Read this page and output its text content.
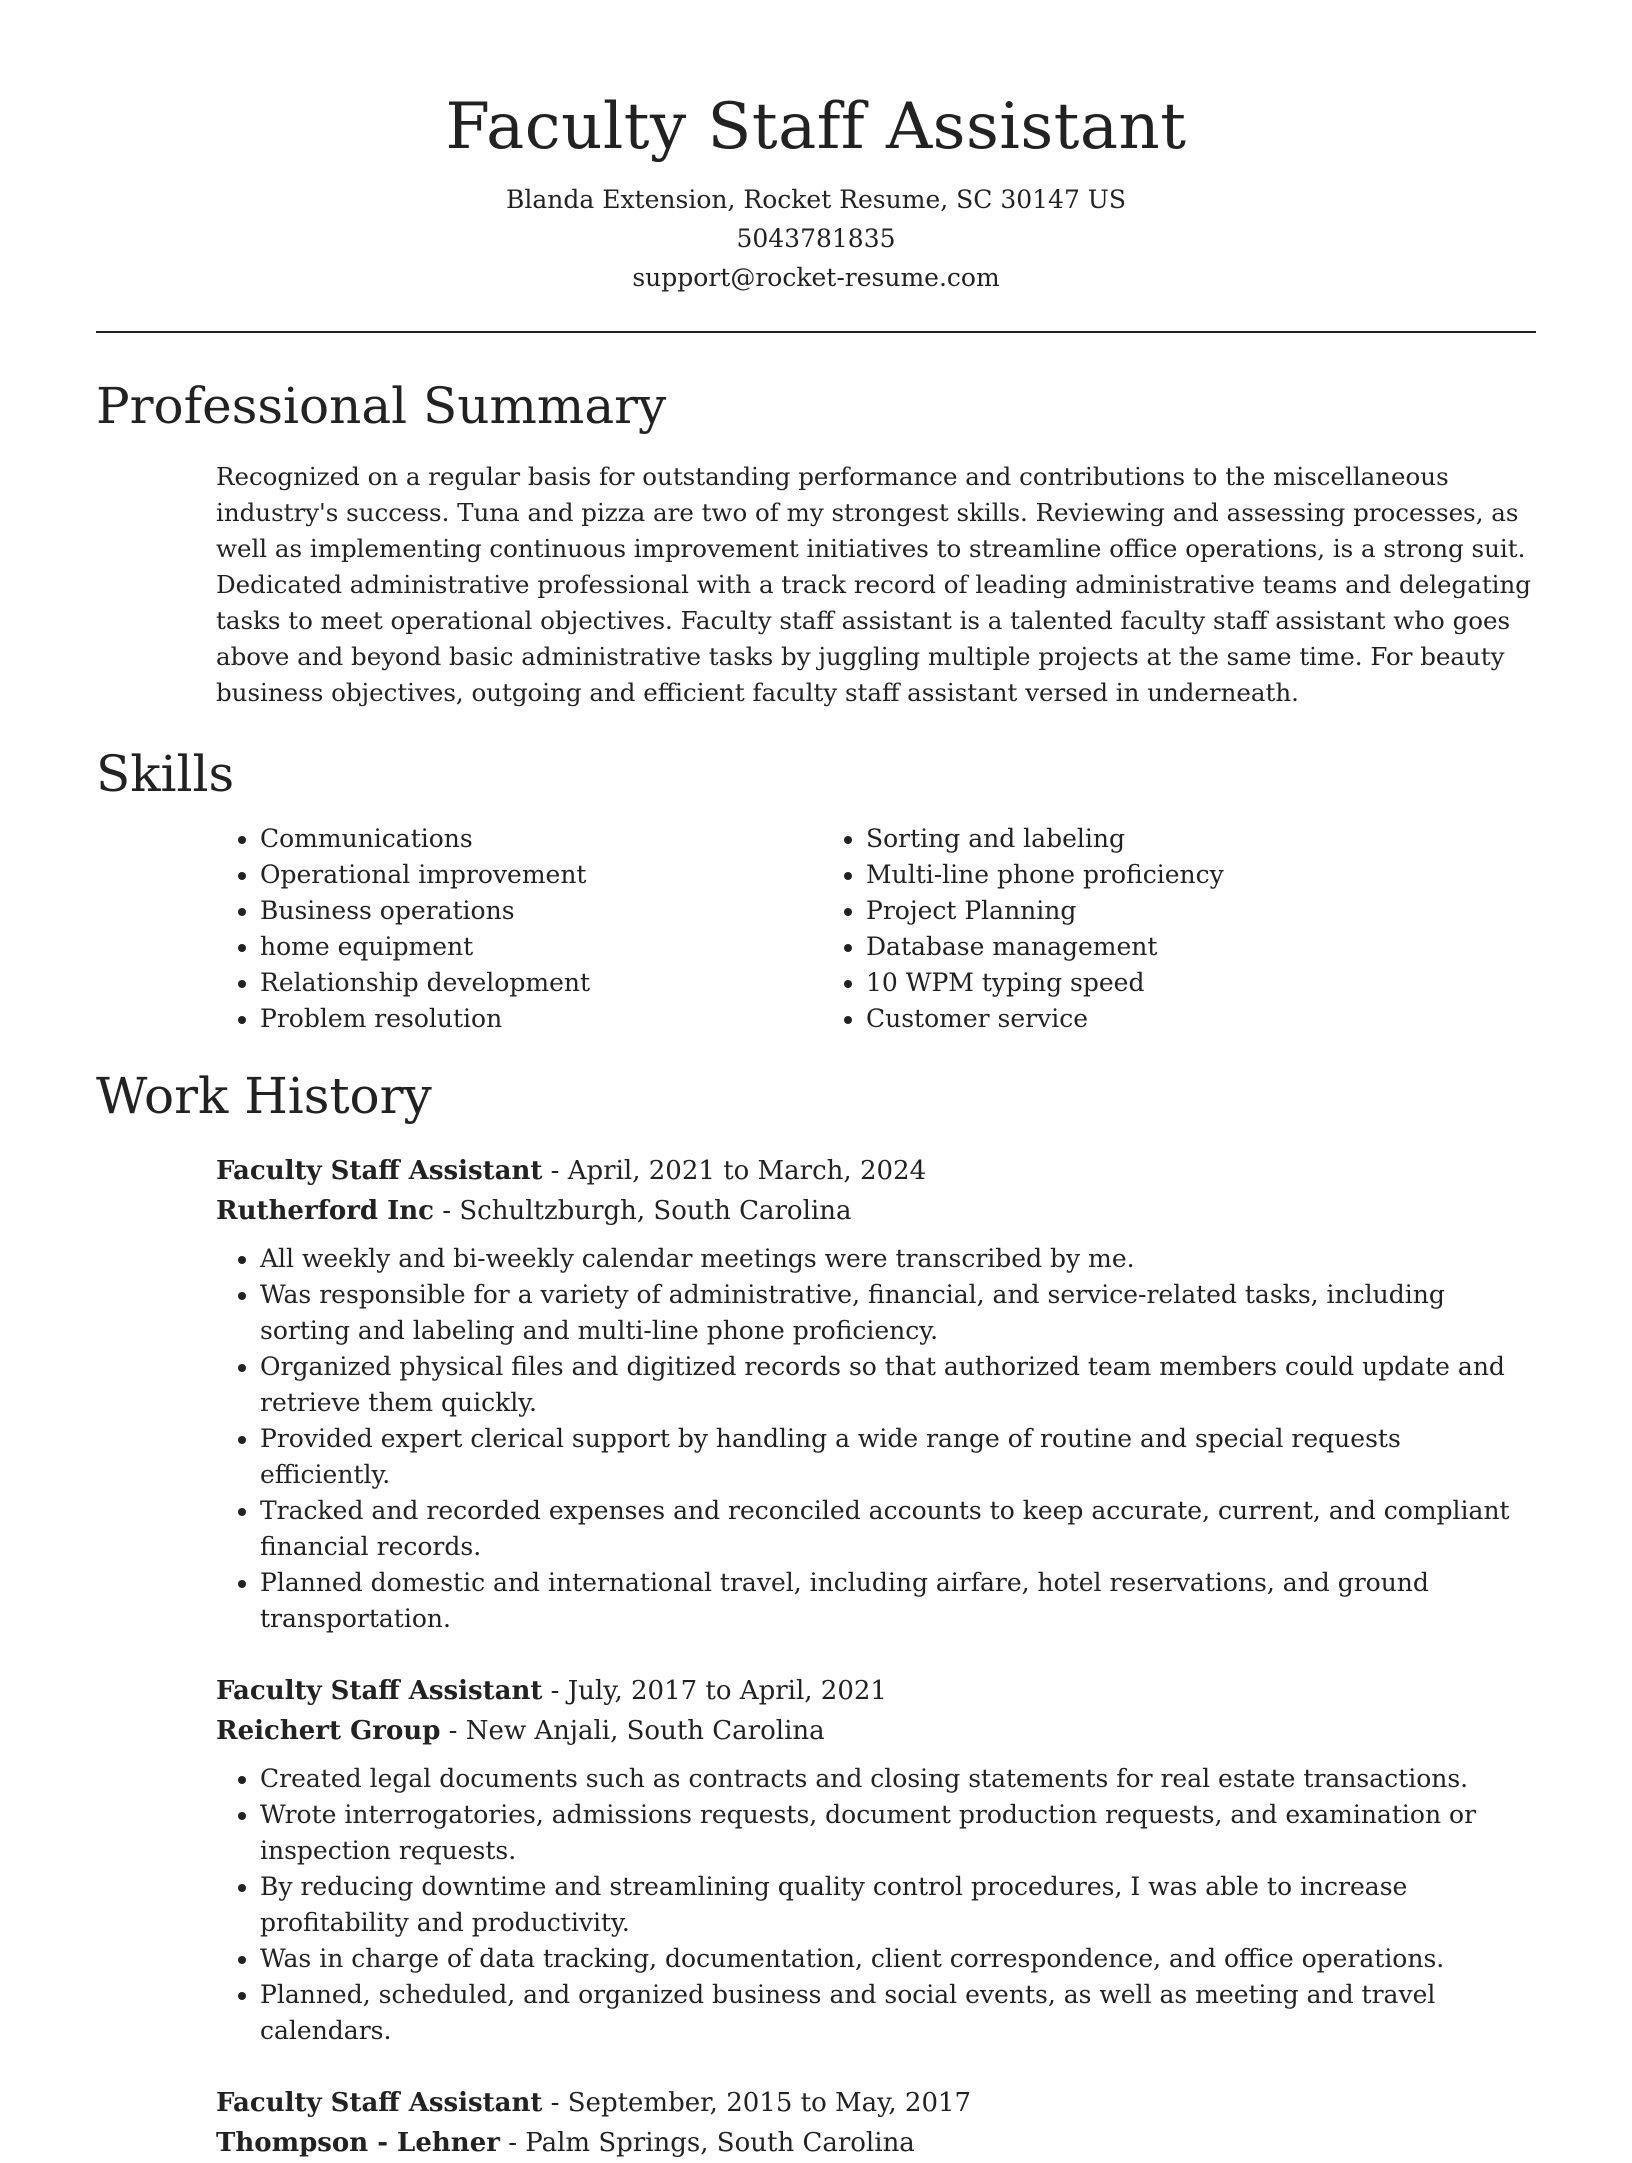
Faculty Staff Assistant
Blanda Extension, Rocket Resume, SC 30147 US
5043781835
support@rocket-resume.com
Professional Summary
Recognized on a regular basis for outstanding performance and contributions to the miscellaneous industry's success. Tuna and pizza are two of my strongest skills. Reviewing and assessing processes, as well as implementing continuous improvement initiatives to streamline office operations, is a strong suit. Dedicated administrative professional with a track record of leading administrative teams and delegating tasks to meet operational objectives. Faculty staff assistant is a talented faculty staff assistant who goes above and beyond basic administrative tasks by juggling multiple projects at the same time. For beauty business objectives, outgoing and efficient faculty staff assistant versed in underneath.
Skills
• Communications
• Operational improvement
• Business operations
• home equipment
• Relationship development
• Problem resolution
• Sorting and labeling
• Multi-line phone proficiency
• Project Planning
• Database management
• 10 WPM typing speed
• Customer service
Work History
Faculty Staff Assistant - April, 2021 to March, 2024
Rutherford Inc - Schultzburgh, South Carolina
• All weekly and bi-weekly calendar meetings were transcribed by me.
• Was responsible for a variety of administrative, financial, and service-related tasks, including sorting and labeling and multi-line phone proficiency.
• Organized physical files and digitized records so that authorized team members could update and retrieve them quickly.
• Provided expert clerical support by handling a wide range of routine and special requests efficiently.
• Tracked and recorded expenses and reconciled accounts to keep accurate, current, and compliant financial records.
• Planned domestic and international travel, including airfare, hotel reservations, and ground transportation.
Faculty Staff Assistant - July, 2017 to April, 2021
Reichert Group - New Anjali, South Carolina
• Created legal documents such as contracts and closing statements for real estate transactions.
• Wrote interrogatories, admissions requests, document production requests, and examination or inspection requests.
• By reducing downtime and streamlining quality control procedures, I was able to increase profitability and productivity.
• Was in charge of data tracking, documentation, client correspondence, and office operations.
• Planned, scheduled, and organized business and social events, as well as meeting and travel calendars.
Faculty Staff Assistant - September, 2015 to May, 2017
Thompson - Lehner - Palm Springs, South Carolina
